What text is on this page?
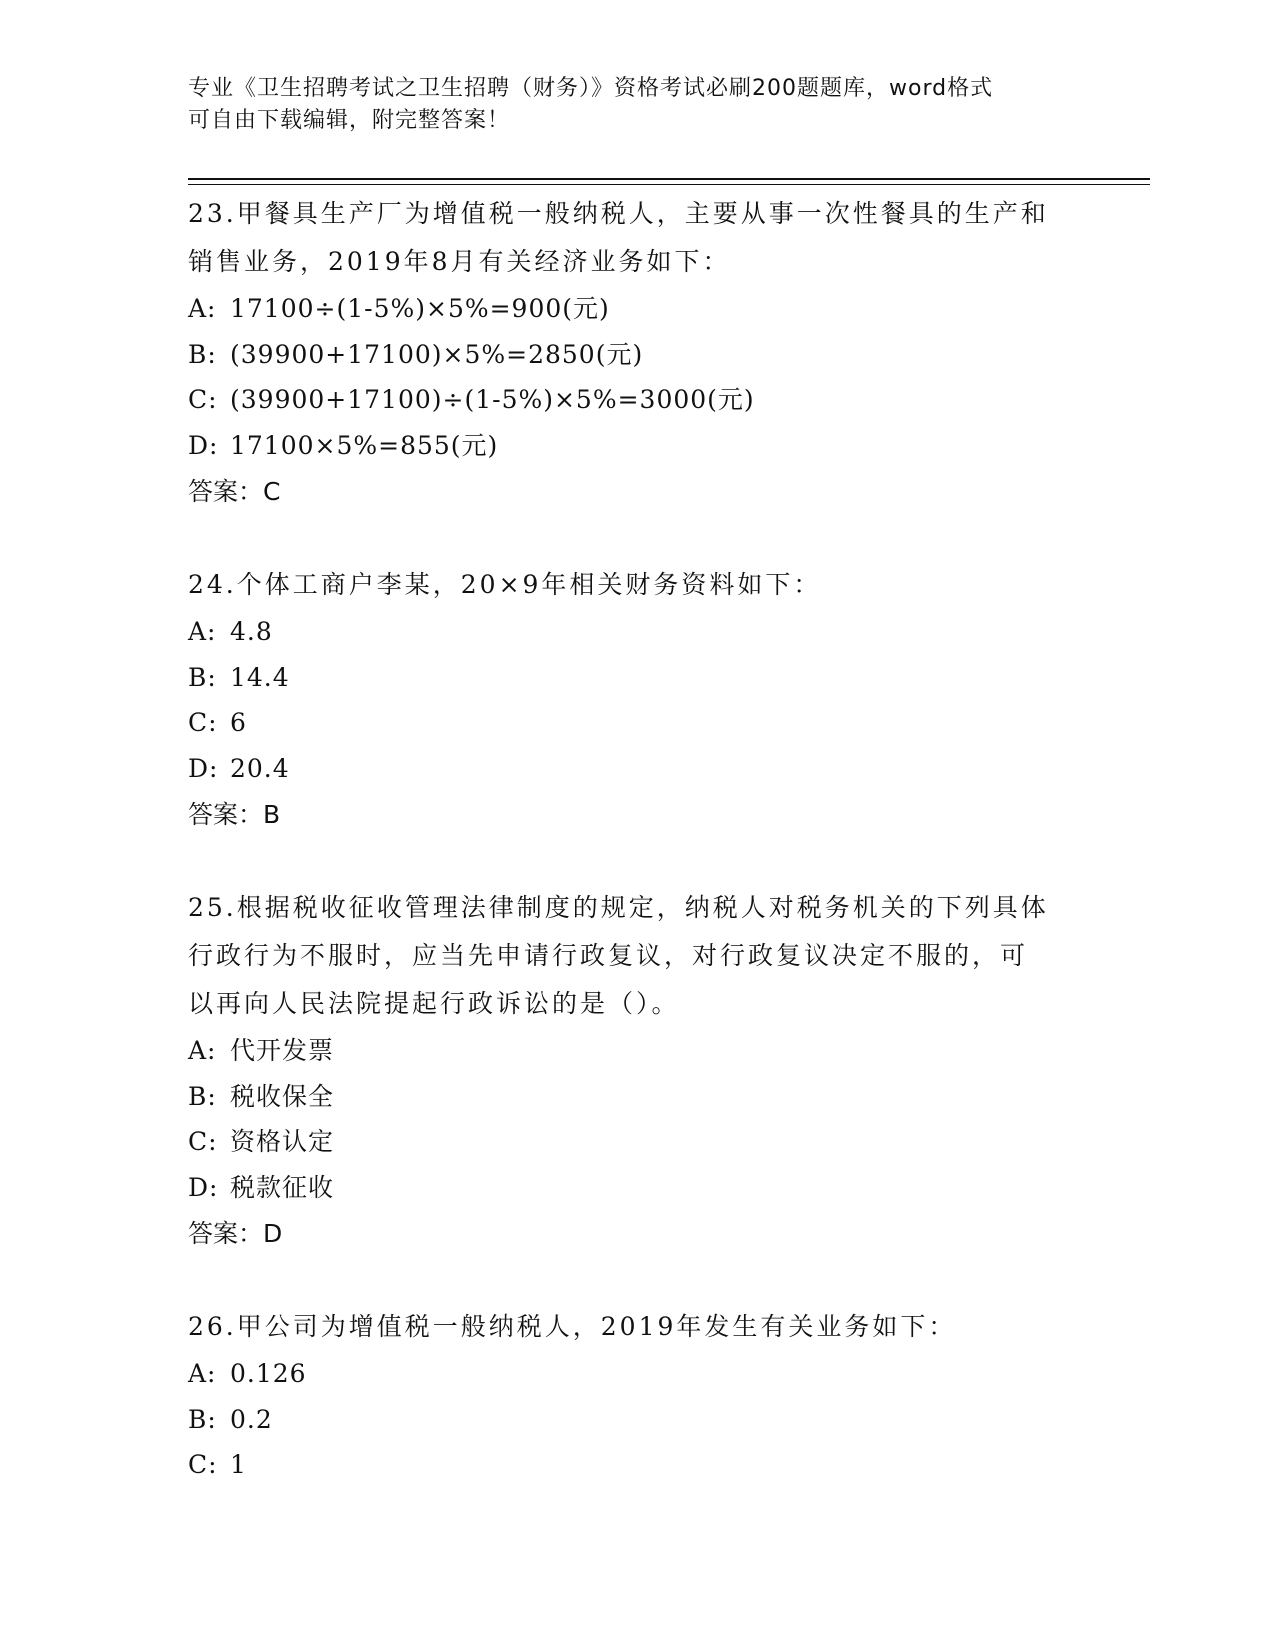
专业《卫生招聘考试之卫生招聘（财务）》资格考试必刷200题题库，word格式
可自由下载编辑，附完整答案！
23.甲餐具生产厂为增值税一般纳税人，主要从事一次性餐具的生产和
销售业务，2019年8月有关经济业务如下：
A: 17100÷(1-5%)×5%=900(元)
B: (39900+17100)×5%=2850(元)
C: (39900+17100)÷(1-5%)×5%=3000(元)
D: 17100×5%=855(元)
答案：C
24.个体工商户李某，20×9年相关财务资料如下：
A: 4.8
B: 14.4
C: 6
D: 20.4
答案：B
25.根据税收征收管理法律制度的规定，纳税人对税务机关的下列具体
行政行为不服时，应当先申请行政复议，对行政复议决定不服的，可
以再向人民法院提起行政诉讼的是（）。
A: 代开发票
B: 税收保全
C: 资格认定
D: 税款征收
答案：D
26.甲公司为增值税一般纳税人，2019年发生有关业务如下：
A: 0.126
B: 0.2
C: 1
